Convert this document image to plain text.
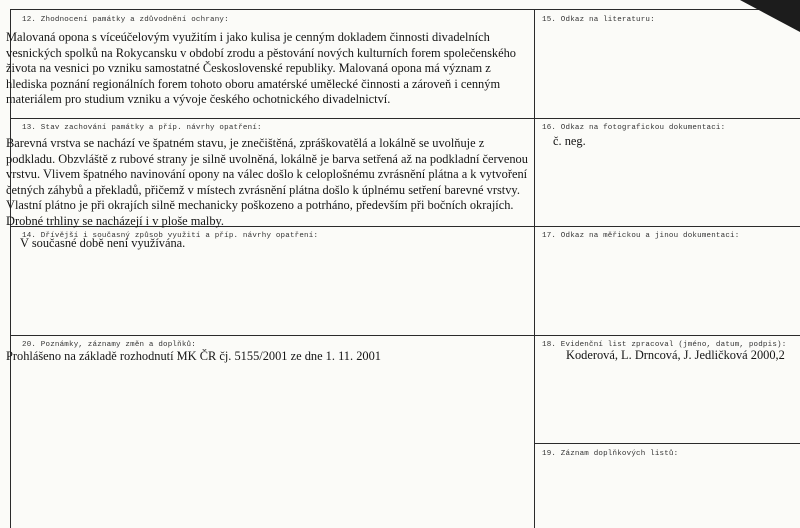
12. Zhodnocení památky a zdůvodnění ochrany:
Malovaná opona s víceúčelovým využitím i jako kulisa je cenným dokladem činnosti divadelních vesnických spolků na Rokycansku v období zrodu a pěstování nových kulturních forem společenského života na vesnici po vzniku samostatné Československé republiky. Malovaná opona má význam z hlediska poznání regionálních forem tohoto oboru amatérské umělecké činnosti a zároveň i cenným materiálem pro studium vzniku a vývoje českého ochotnického divadelnictví.
13. Stav zachování památky a příp. návrhy opatření:
Barevná vrstva se nachází ve špatném stavu, je znečištěná, zpráškovatělá a lokálně se uvolňuje z podkladu. Obzvláště z rubové strany je silně uvolněná, lokálně je barva setřená až na podkladní červenou vrstvu. Vlivem špatného navinování opony na válec došlo k celoplošnému zvrásnění plátna a k vytvoření četných záhybů a překladů, přičemž v místech zvrásnění plátna došlo k úplnému setření barevné vrstvy. Vlastní plátno je při okrajích silně mechanicky poškozeno a potrháno, především při bočních okrajích. Drobné trhliny se nacházejí i v ploše malby.
14. Dřívější i současný způsob využití a příp. návrhy opatření:
V současné době není využívána.
20. Poznámky, záznamy změn a doplňků:
Prohlášeno na základě rozhodnutí MK ČR čj. 5155/2001 ze dne 1. 11. 2001
15. Odkaz na literaturu:
16. Odkaz na fotografickou dokumentaci:
č. neg.
17. Odkaz na měřickou a jinou dokumentaci:
18. Evidenční list zpracoval (jméno, datum, podpis):
Koderová, L. Drncová, J. Jedličková 2000,2
19. Záznam doplňkových listů:
